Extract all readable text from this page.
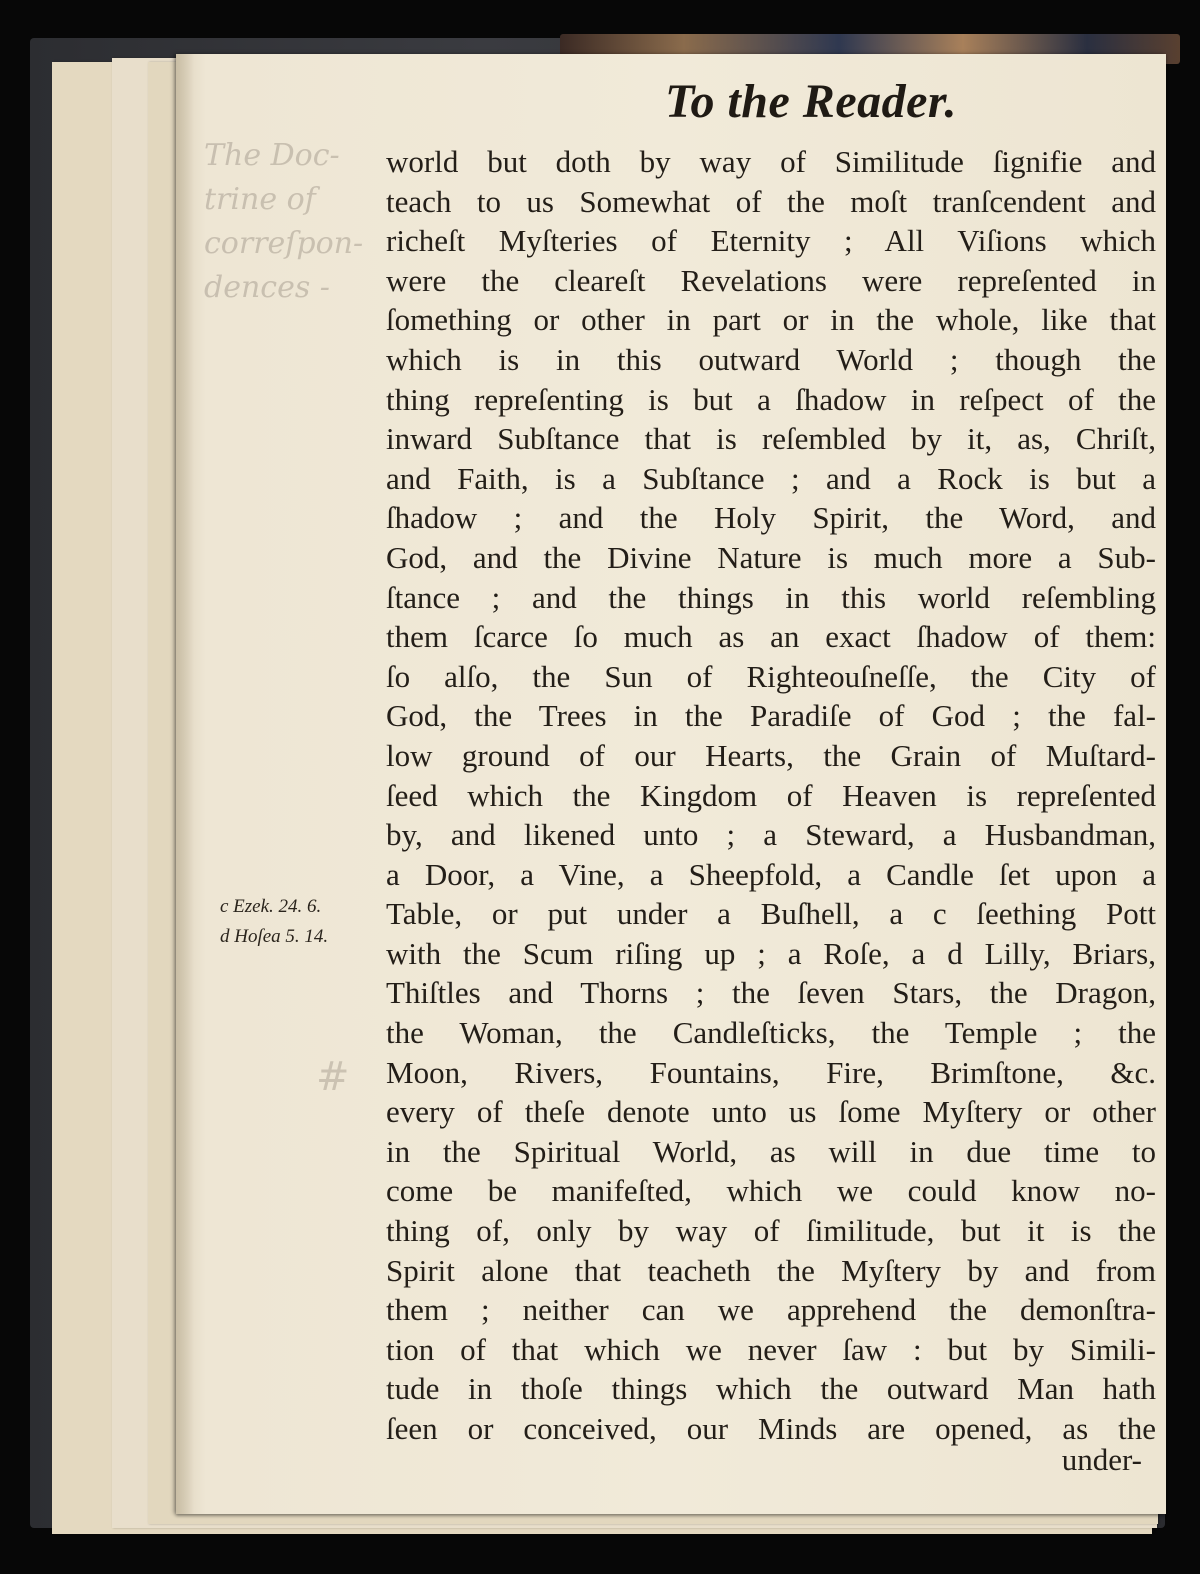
To the Reader.
The Doc-
trine of
correſpon-
dences -
#
c Ezek. 24. 6.
d Hoſea 5. 14.
world but doth by way of Similitude ſignifie and
teach to us Somewhat of the moſt tranſcendent and
richeſt Myſteries of Eternity ; All Viſions which
were the cleareſt Revelations were repreſented in
ſomething or other in part or in the whole, like that
which is in this outward World ; though the
thing repreſenting is but a ſhadow in reſpect of the
inward Subſtance that is reſembled by it, as, Chriſt,
and Faith, is a Subſtance ; and a Rock is but a
ſhadow ; and the Holy Spirit, the Word, and
God, and the Divine Nature is much more a Sub-
ſtance ; and the things in this world reſembling
them ſcarce ſo much as an exact ſhadow of them:
ſo alſo, the Sun of Righteouſneſſe, the City of
God, the Trees in the Paradiſe of God ; the fal-
low ground of our Hearts, the Grain of Muſtard-
ſeed which the Kingdom of Heaven is repreſented
by, and likened unto ; a Steward, a Husbandman,
a Door, a Vine, a Sheepfold, a Candle ſet upon a
Table, or put under a Buſhell, a c ſeething Pott
with the Scum riſing up ; a Roſe, a d Lilly, Briars,
Thiſtles and Thorns ; the ſeven Stars, the Dragon,
the Woman, the Candleſticks, the Temple ; the
Moon, Rivers, Fountains, Fire, Brimſtone, &c.
every of theſe denote unto us ſome Myſtery or other
in the Spiritual World, as will in due time to
come be manifeſted, which we could know no-
thing of, only by way of ſimilitude, but it is the
Spirit alone that teacheth the Myſtery by and from
them ; neither can we apprehend the demonſtra-
tion of that which we never ſaw : but by Simili-
tude in thoſe things which the outward Man hath
ſeen or conceived, our Minds are opened, as the
under-
